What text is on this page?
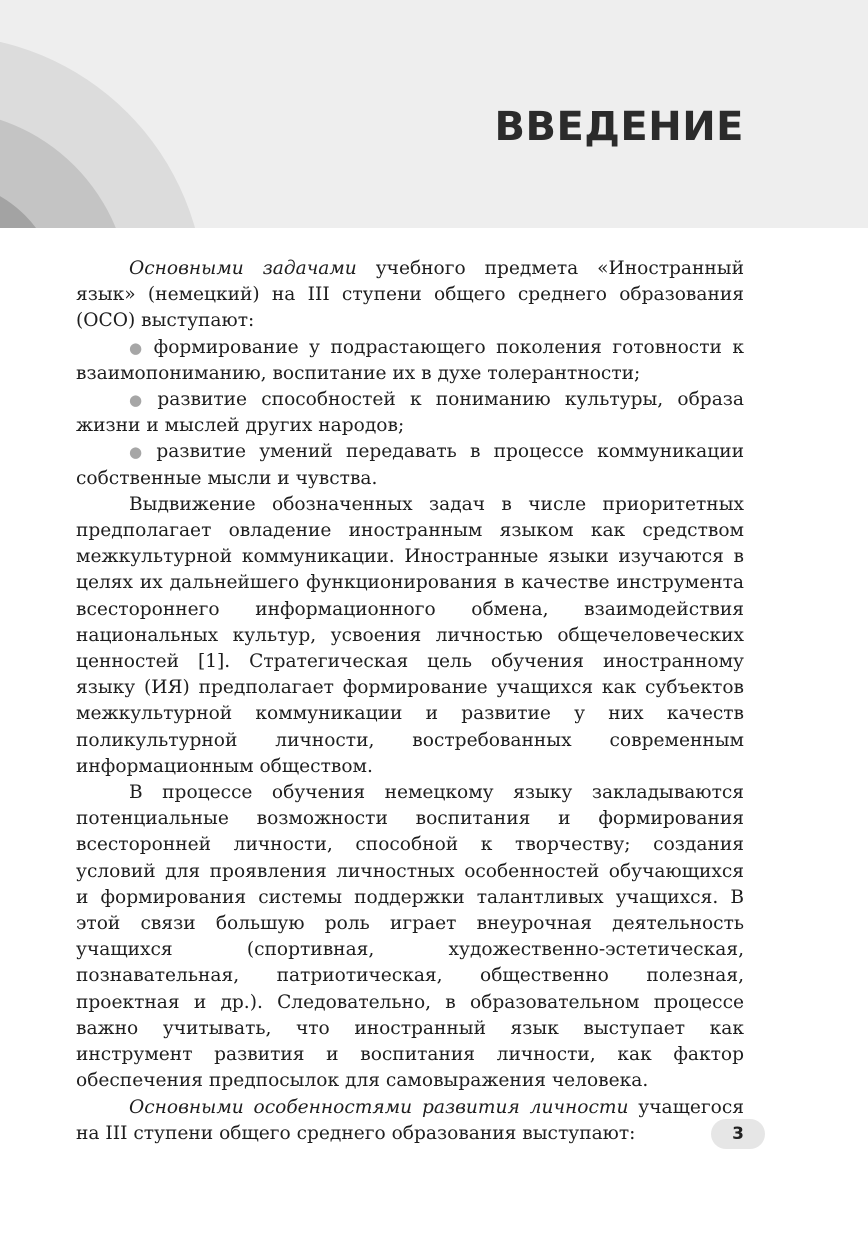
ВВЕДЕНИЕ

Основными задачами учебного предмета «Иностранный язык» (немецкий) на III ступени общего среднего образования (ОСО) выступают:

● формирование у подрастающего поколения готовности к взаимопониманию, воспитание их в духе толерантности;

● развитие способностей к пониманию культуры, образа жизни и мыслей других народов;

● развитие умений передавать в процессе коммуникации собственные мысли и чувства.

Выдвижение обозначенных задач в числе приоритетных предполагает овладение иностранным языком как средством межкультурной коммуникации. Иностранные языки изучаются в целях их дальнейшего функционирования в качестве инструмента всестороннего информационного обмена, взаимодействия национальных культур, усвоения личностью общечеловеческих ценностей [1]. Стратегическая цель обучения иностранному языку (ИЯ) предполагает формирование учащихся как субъектов межкультурной коммуникации и развитие у них качеств поликультурной личности, востребованных современным информационным обществом.

В процессе обучения немецкому языку закладываются потенциальные возможности воспитания и формирования всесторонней личности, способной к творчеству; создания условий для проявления личностных особенностей обучающихся и формирования системы поддержки талантливых учащихся. В этой связи большую роль играет внеурочная деятельность учащихся (спортивная, художественно-эстетическая, познавательная, патриотическая, общественно полезная, проектная и др.). Следовательно, в образовательном процессе важно учитывать, что иностранный язык выступает как инструмент развития и воспитания личности, как фактор обеспечения предпосылок для самовыражения человека.

Основными особенностями развития личности учащегося на III ступени общего среднего образования выступают:	3
